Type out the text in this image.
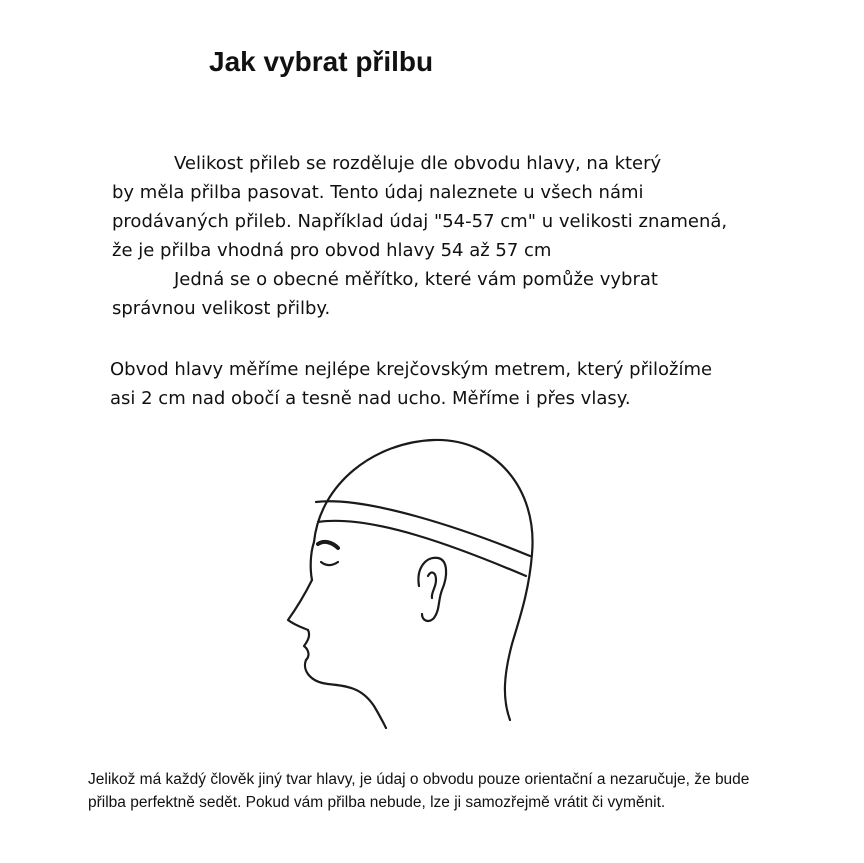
Jak vybrat přilbu
Velikost přileb se rozděluje dle obvodu hlavy, na který
by měla přilba pasovat. Tento údaj naleznete u všech námi
prodávaných přileb. Například údaj "54-57 cm" u velikosti znamená,
že je přilba vhodná pro obvod hlavy 54 až 57 cm
Jedná se o obecné měřítko, které vám pomůže vybrat
správnou velikost přilby.
Obvod hlavy měříme nejlépe krejčovským metrem, který přiložíme
asi 2 cm nad obočí a tesně nad ucho. Měříme i přes vlasy.
Jelikož má každý člověk jiný tvar hlavy, je údaj o obvodu pouze orientační a nezaručuje, že bude
přilba perfektně sedět. Pokud vám přilba nebude, lze ji samozřejmě vrátit či vyměnit.
